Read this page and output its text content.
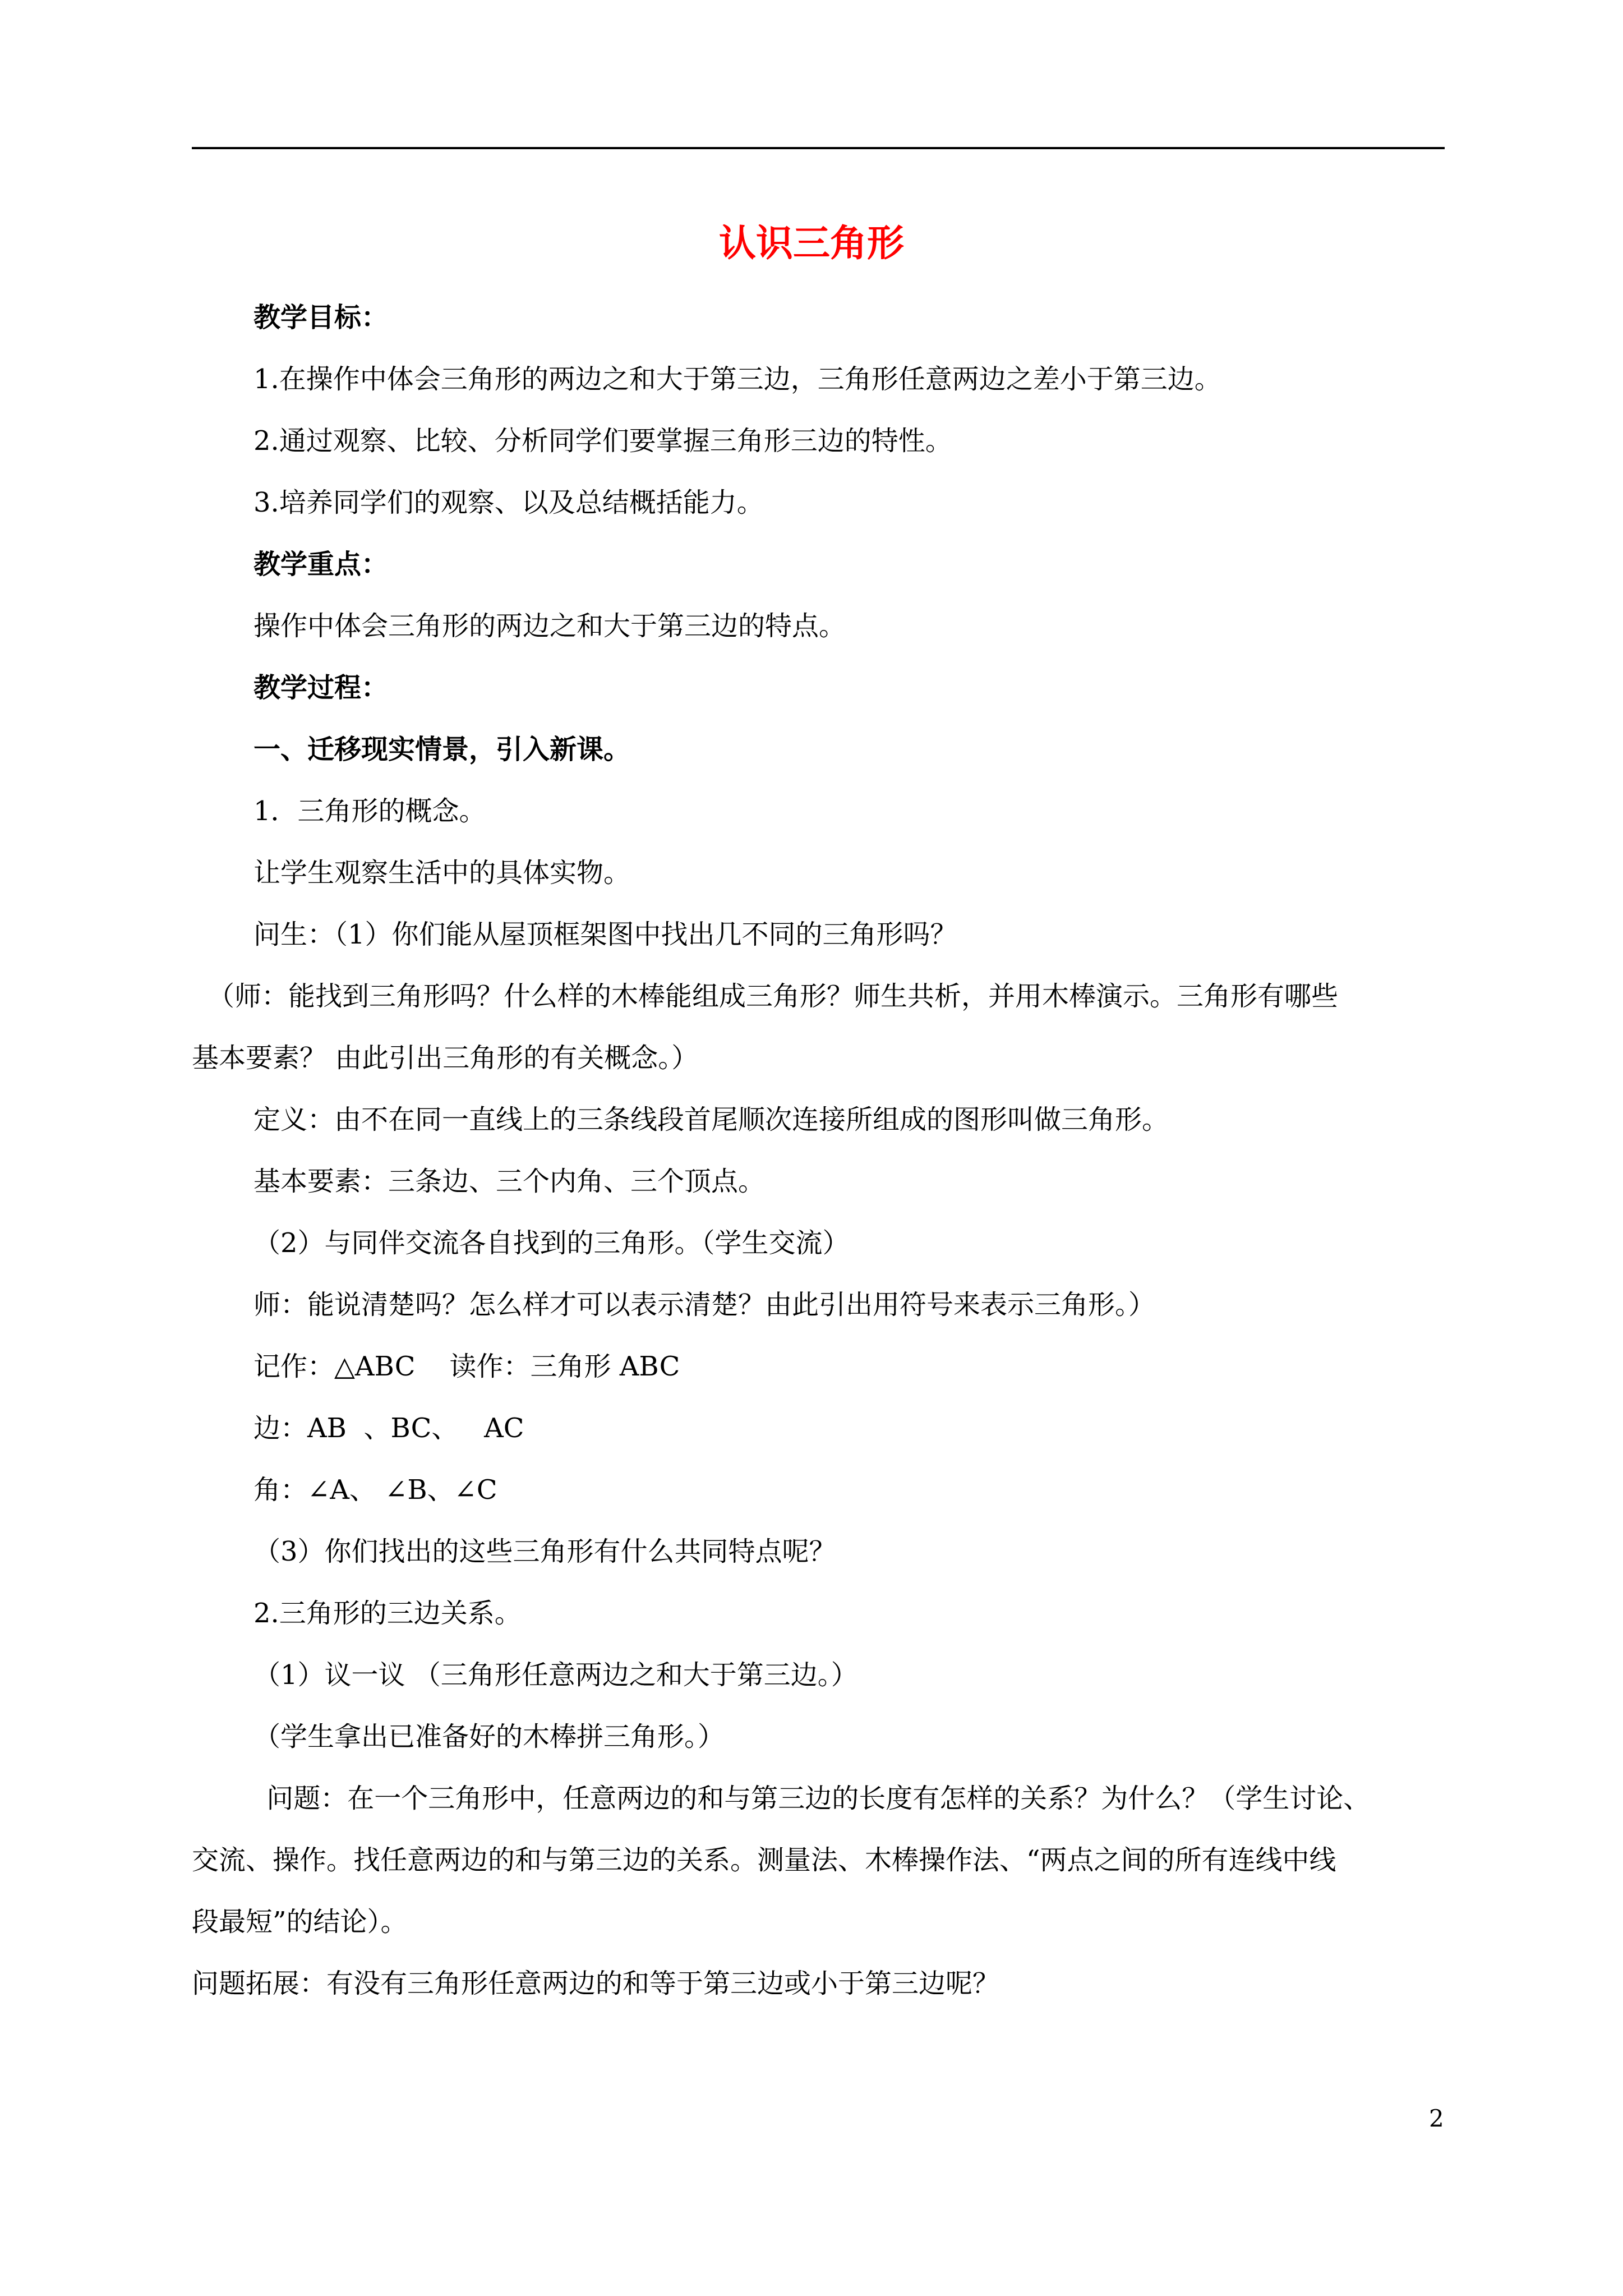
认识三角形

教学目标：

1.在操作中体会三角形的两边之和大于第三边，三角形任意两边之差小于第三边。

2.通过观察、比较、分析同学们要掌握三角形三边的特性。

3.培养同学们的观察、以及总结概括能力。

教学重点：

操作中体会三角形的两边之和大于第三边的特点。

教学过程：

一、迁移现实情景，引入新课。

1．三角形的概念。

让学生观察生活中的具体实物。

问生：（1）你们能从屋顶框架图中找出几不同的三角形吗？

（师：能找到三角形吗？什么样的木棒能组成三角形？师生共析，并用木棒演示。三角形有哪些

基本要素？ 由此引出三角形的有关概念。）

定义：由不在同一直线上的三条线段首尾顺次连接所组成的图形叫做三角形。

基本要素：三条边、三个内角、三个顶点。

（2）与同伴交流各自找到的三角形。（学生交流）

师：能说清楚吗？怎么样才可以表示清楚？由此引出用符号来表示三角形。）

记作：△ABC    读作：三角形 ABC

边：AB  、BC、   AC

角：∠A、 ∠B、∠C

（3）你们找出的这些三角形有什么共同特点呢？

2.三角形的三边关系。

（1）议一议 （三角形任意两边之和大于第三边。）

（学生拿出已准备好的木棒拼三角形。）

问题：在一个三角形中，任意两边的和与第三边的长度有怎样的关系？为什么？（学生讨论、

交流、操作。找任意两边的和与第三边的关系。测量法、木棒操作法、“两点之间的所有连线中线

段最短”的结论）。

问题拓展：有没有三角形任意两边的和等于第三边或小于第三边呢？

2
